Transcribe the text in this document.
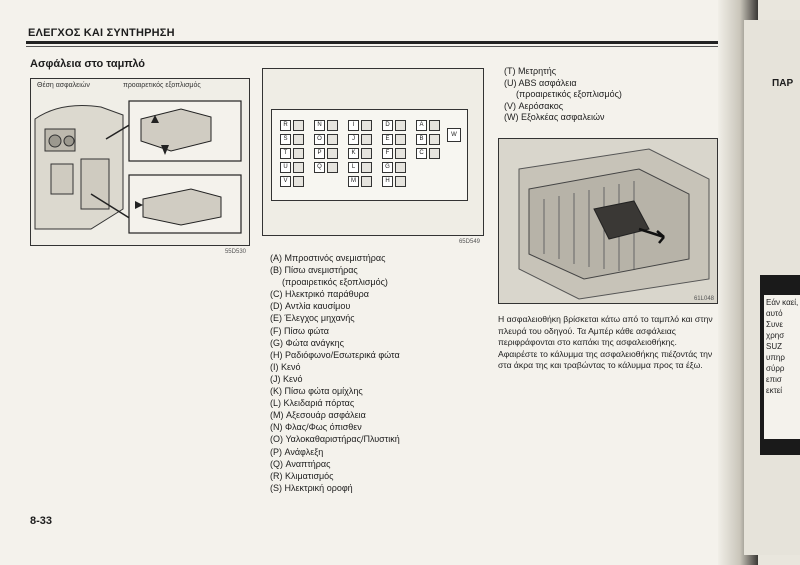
ΕΛΕΓΧΟΣ ΚΑΙ ΣΥΝΤΗΡΗΣΗ
Ασφάλεια στο ταμπλό
Θέση ασφαλειών	προαιρετικός εξοπλισμός
55D530
R
S
T
U
V
N
O
P
Q
I
J
K
L
M
D
E
F
G
H
A
B
C
W
65D549
(A) Μπροστινός ανεμιστήρας
(B) Πίσω ανεμιστήρας
(προαιρετικός εξοπλισμός)
(C) Ηλεκτρικό παράθυρα
(D) Αντλία καυσίμου
(E) Έλεγχος μηχανής
(F) Πίσω φώτα
(G) Φώτα ανάγκης
(H) Ραδιόφωνο/Εσωτερικά φώτα
(I) Κενό
(J) Κενό
(K) Πίσω φώτα ομίχλης
(L) Κλειδαριά πόρτας
(M) Αξεσουάρ ασφάλεια
(N) Φλας/Φως όπισθεν
(O) Υαλοκαθαριστήρας/Πλυστική
(P) Ανάφλεξη
(Q) Αναπτήρας
(R) Κλιματισμός
(S) Ηλεκτρική οροφή
(T) Μετρητής
(U) ABS ασφάλεια
(προαιρετικός εξοπλισμός)
(V) Αερόσακος
(W) Εξολκέας ασφαλειών
61L048
Η ασφαλειοθήκη βρίσκεται κάτω από το ταμπλό και στην πλευρά του οδηγού. Τα Αμπέρ κάθε ασφάλειας περιφράφονται στο καπάκι της ασφαλειοθήκης. Αφαιρέστε το κάλυμμα της ασφαλειοθήκης πιέζοντάς την στα άκρα της και τραβώντας το κάλυμμα προς τα έξω.
8-33
ΠΑΡ
Εάν καεί, αυτό Συνε χρησ SUZ υπηρ σύρρ επισ εκτεί
